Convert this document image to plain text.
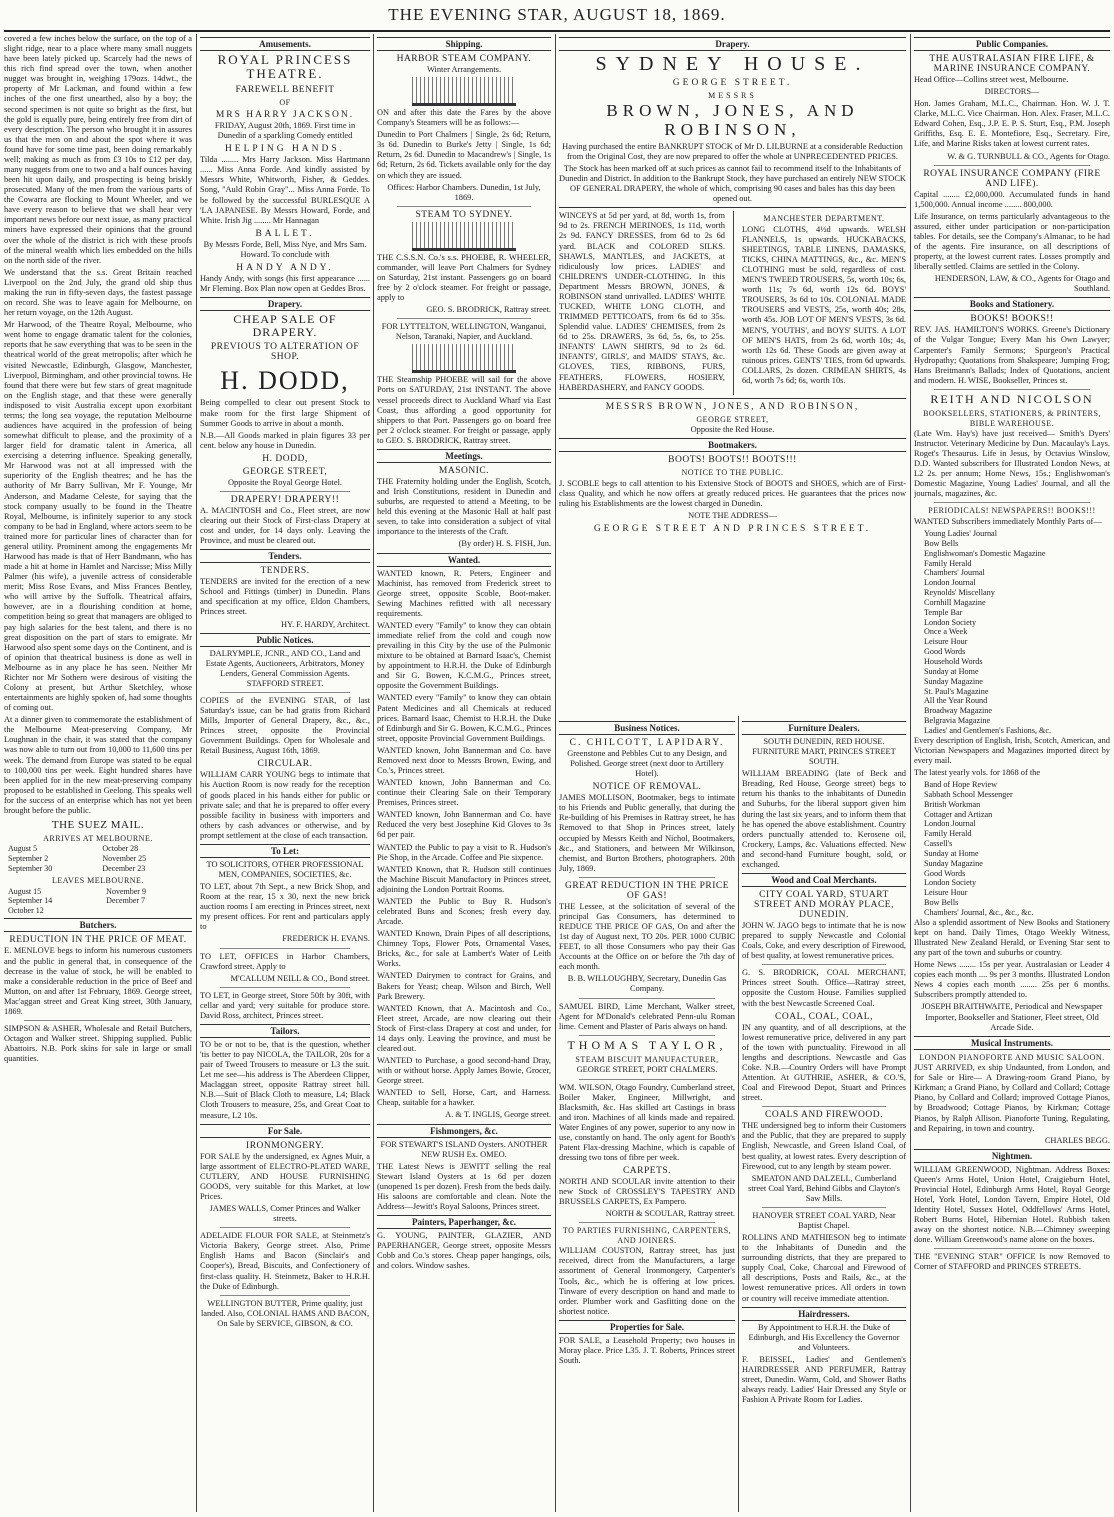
THE EVENING STAR, AUGUST 18, 1869.

covered a few inches below the surface, on the top of a slight ridge, near to a place where many small nuggets have been lately picked up. Scarcely had the news of this rich find spread over the town, when another nugget was brought in, weighing 179ozs. 14dwt., the property of Mr Lackman, and found within a few inches of the one first unearthed, also by a boy; the second specimen is not quite so bright as the first, but the gold is equally pure, being entirely free from dirt of every description. The person who brought it in assures us that the men on and about the spot where it was found have for some time past, been doing remarkably well; making as much as from £3 10s to £12 per day, many nuggets from one to two and a half ounces having been hit upon daily, and prospecting is being briskly prosecuted. Many of the men from the various parts of the Cowarra are flocking to Mount Wheeler, and we have every reason to believe that we shall hear very important news before our next issue, as many practical miners have expressed their opinions that the ground over the whole of the district is rich with these proofs of the mineral wealth which lies embedded on the hills on the north side of the river.

We understand that the s.s. Great Britain reached Liverpool on the 2nd July, the grand old ship thus making the run in fifty-seven days, the fastest passage on record. She was to leave again for Melbourne, on her return voyage, on the 12th August.

Mr Harwood, of the Theatre Royal, Melbourne, who went home to engage dramatic talent for the colonies, reports that he saw everything that was to be seen in the theatrical world of the great metropolis; after which he visited Newcastle, Edinburgh, Glasgow, Manchester, Liverpool, Birmingham, and other provincial towns. He found that there were but few stars of great magnitude on the English stage, and that these were generally indisposed to visit Australia except upon exorbitant terms; the long sea voyage, the reputation Melbourne audiences have acquired in the profession of being somewhat difficult to please, and the proximity of a larger field for dramatic talent in America, all exercising a deterring influence. Speaking generally, Mr Harwood was not at all impressed with the superiority of the English theatres; and he has the authority of Mr Barry Sullivan, Mr F. Younge, Mr Anderson, and Madame Celeste, for saying that the stock company usually to be found in the Theatre Royal, Melbourne, is infinitely superior to any stock company to be had in England, where actors seem to be trained more for particular lines of character than for general utility. Prominent among the engagements Mr Harwood has made is that of Herr Bandmann, who has made a hit at home in Hamlet and Narcisse; Miss Milly Palmer (his wife), a juvenile actress of considerable merit; Miss Rose Evans, and Miss Frances Bentley, who will arrive by the Suffolk. Theatrical affairs, however, are in a flourishing condition at home, competition being so great that managers are obliged to pay high salaries for the best talent, and there is no great disposition on the part of stars to emigrate. Mr Harwood also spent some days on the Continent, and is of opinion that theatrical business is done as well in Melbourne as in any place he has seen. Neither Mr Richter nor Mr Sothern were desirous of visiting the Colony at present, but Arthur Sketchley, whose entertainments are highly spoken of, had some thoughts of coming out.

At a dinner given to commemorate the establishment of the Melbourne Meat-preserving Company, Mr Loughnan in the chair, it was stated that the company was now able to turn out from 10,000 to 11,600 tins per week. The demand from Europe was stated to be equal to 100,000 tins per week. Eight hundred shares have been applied for in the new meat-preserving company proposed to be established in Geelong. This speaks well for the success of an enterprise which has not yet been brought before the public.

THE SUEZ MAIL.
ARRIVES AT MELBOURNE.
August 5	October 28
September 2	November 25
September 30	December 23
LEAVES MELBOURNE.
August 15	November 9
September 14	December 7
October 12	
Butchers.
REDUCTION IN THE PRICE OF MEAT.

E. MENLOVE begs to inform his numerous customers and the public in general that, in consequence of the decrease in the value of stock, he will be enabled to make a considerable reduction in the price of Beef and Mutton, on and after 1st February, 1869. George street, Mac'aggan street and Great King street, 30th January, 1869.

SIMPSON & ASHER, Wholesale and Retail Butchers, Octagon and Walker street. Shipping supplied. Public Abattoirs. N.B. Pork skins for sale in large or small quantities.

Amusements.
ROYAL PRINCESS THEATRE.
FAREWELL BENEFIT
OF
MRS HARRY JACKSON.

FRIDAY, August 20th, 1869. First time in Dunedin of a sparkling Comedy entitled

HELPING HANDS.

Tilda ........ Mrs Harry Jackson. Miss Hartmann ...... Miss Anna Forde. And kindly assisted by Messrs White, Whitworth, Fisher, & Geddes. Song, "Auld Robin Gray"... Miss Anna Forde. To be followed by the successful BURLESQUE A 'LA JAPANESE. By Messrs Howard, Forde, and White. Irish Jig ........ Mr Hannagan

BALLET.

By Messrs Forde, Bell, Miss Nye, and Mrs Sam. Howard. To conclude with

HANDY ANDY.

Handy Andy, with songs (his first appearance ...... Mr Fleming. Box Plan now open at Geddes Bros.

Drapery.
CHEAP SALE OF DRAPERY.
PREVIOUS TO ALTERATION OF SHOP.
H. DODD,

Being compelled to clear out present Stock to make room for the first large Shipment of Summer Goods to arrive in about a month.

N.B.—All Goods marked in plain figures 33 per cent. below any house in Dunedin.

H. DODD,
GEORGE STREET,

Opposite the Royal George Hotel.

DRAPERY! DRAPERY!!

A. MACINTOSH and Co., Fleet street, are now clearing out their Stock of First-class Drapery at cost and under, for 14 days only. Leaving the Province, and must be cleared out.

Tenders.
TENDERS.

TENDERS are invited for the erection of a new School and Fittings (timber) in Dunedin. Plans and specification at my office, Eldon Chambers, Princes street.

HY. F. HARDY, Architect.

Public Notices.

DALRYMPLE, JCNR., AND CO., Land and Estate Agents, Auctioneers, Arbitrators, Money Lenders, General Commission Agents. STAFFORD STREET.

COPIES of the EVENING STAR, of last Saturday's issue, can be had gratis from Richard Mills, Importer of General Drapery, &c., &c., Princes street, opposite the Provincial Government Buildings. Open for Wholesale and Retail Business, August 16th, 1869.

CIRCULAR.

WILLIAM CARR YOUNG begs to intimate that his Auction Room is now ready for the reception of goods placed in his hands either for public or private sale; and that he is prepared to offer every possible facility in business with importers and others by cash advances or otherwise, and by prompt settlement at the close of each transaction.

To Let:

TO SOLICITORS, OTHER PROFESSIONAL MEN, COMPANIES, SOCIETIES, &c.

TO LET, about 7th Sept., a new Brick Shop, and Room at the rear, 15 x 30, next the new brick auction rooms I am erecting in Princes street, next my present offices. For rent and particulars apply to

FREDERICK H. EVANS.

TO LET, OFFICES in Harbor Chambers, Crawford street. Apply to

M'CALLUM NEILL & CO., Bond street.

TO LET, in George street, Store 50ft by 30ft, with cellar and yard; very suitable for produce store. David Ross, architect, Princes street.

Tailors.

TO be or not to be, that is the question, whether 'tis better to pay NICOLA, the TAILOR, 20s for a pair of Tweed Trousers to measure or L3 the suit. Let me see—his address is The Aberdeen Clipper, Maclaggan street, opposite Rattray street hill. N.B.—Suit of Black Cloth to measure, L4; Black Cloth Trousers to measure, 25s, and Great Coat to measure, L2 10s.

For Sale.
IRONMONGERY.

FOR SALE by the undersigned, ex Agnes Muir, a large assortment of ELECTRO-PLATED WARE, CUTLERY, AND HOUSE FURNISHING GOODS, very suitable for this Market, at low Prices.

JAMES WALLS, Corner Princes and Walker streets.

ADELAIDE FLOUR FOR SALE, at Steinmetz's Victoria Bakery, George street. Also, Prime English Hams and Bacon (Sinclair's and Cooper's), Bread, Biscuits, and Confectionery of first-class quality. H. Steinmetz, Baker to H.R.H. the Duke of Edinburgh.

WELLINGTON BUTTER, Prime quality, just landed. Also, COLONIAL HAMS AND BACON, On Sale by SERVICE, GIBSON, & CO.

Shipping.
HARBOR STEAM COMPANY.

Winter Arrangements.

ON and after this date the Fares by the above Company's Steamers will be as follows:—

Dunedin to Port Chalmers | Single, 2s 6d; Return, 3s 6d. Dunedin to Burke's Jetty | Single, 1s 6d; Return, 2s 6d. Dunedin to Macandrew's | Single, 1s 6d; Return, 2s 6d. Tickets available only for the day on which they are issued.

Offices: Harbor Chambers. Dunedin, 1st July, 1869.

STEAM TO SYDNEY.

THE C.S.S.N. Co.'s s.s. PHOEBE, R. WHEELER, commander, will leave Port Chalmers for Sydney on Saturday, 21st instant. Passengers go on board free by 2 o'clock steamer. For freight or passage, apply to

GEO. S. BRODRICK, Rattray street.

FOR LYTTELTON, WELLINGTON, Wanganui, Nelson, Taranaki, Napier, and Auckland.

THE Steamship PHOEBE will sail for the above Ports on SATURDAY, 21st INSTANT. The above vessel proceeds direct to Auckland Wharf via East Coast, thus affording a good opportunity for shippers to that Port. Passengers go on board free per 2 o'clock steamer. For freight or passage, apply to GEO. S. BRODRICK, Rattray street.

Meetings.
MASONIC.

THE Fraternity holding under the English, Scotch, and Irish Constitutions, resident in Dunedin and suburbs, are requested to attend a Meeting, to be held this evening at the Masonic Hall at half past seven, to take into consideration a subject of vital importance to the interests of the Craft.

(By order) H. S. FISH, Jun.

Wanted.

WANTED known, R. Peters, Engineer and Machinist, has removed from Frederick street to George street, opposite Scoble, Boot-maker. Sewing Machines refitted with all necessary requirements.

WANTED every "Family" to know they can obtain immediate relief from the cold and cough now prevailing in this City by the use of the Pulmonic mixture to be obtained at Barnard Isaac's, Chemist by appointment to H.R.H. the Duke of Edinburgh and Sir G. Bowen, K.C.M.G., Princes street, opposite the Government Buildings.

WANTED every "Family" to know they can obtain Patent Medicines and all Chemicals at reduced prices. Barnard Isaac, Chemist to H.R.H. the Duke of Edinburgh and Sir G. Bowen, K.C.M.G., Princes street, opposite Provincial Government Buildings.

WANTED known, John Bannerman and Co. have Removed next door to Messrs Brown, Ewing, and Co.'s, Princes street.

WANTED known, John Bannerman and Co. continue their Clearing Sale on their Temporary Premises, Princes street.

WANTED known, John Bannerman and Co. have Reduced the very best Josephine Kid Gloves to 3s 6d per pair.

WANTED the Public to pay a visit to R. Hudson's Pie Shop, in the Arcade. Coffee and Pie sixpence.

WANTED Known, that R. Hudson still continues the Machine Biscuit Manufactory in Princes street, adjoining the London Portrait Rooms.

WANTED the Public to Buy R. Hudson's celebrated Buns and Scones; fresh every day. Arcade.

WANTED Known, Drain Pipes of all descriptions, Chimney Tops, Flower Pots, Ornamental Vases, Bricks, &c., for sale at Lambert's Water of Leith Works.

WANTED Dairymen to contract for Grains, and Bakers for Yeast; cheap. Wilson and Birch, Well Park Brewery.

WANTED Known, that A. Macintosh and Co., Fleet street, Arcade, are now clearing out their Stock of First-class Drapery at cost and under, for 14 days only. Leaving the province, and must be cleared out.

WANTED to Purchase, a good second-hand Dray, with or without horse. Apply James Bowie, Grocer, George street.

WANTED to Sell, Horse, Cart, and Harness. Cheap, suitable for a hawker.

A. & T. INGLIS, George street.

Fishmongers, &c.

FOR STEWART'S ISLAND Oysters. ANOTHER NEW RUSH Ex. OMEO.

THE Latest News is JEWITT selling the real Stewart Island Oysters at 1s 6d per dozen (unopened 1s per dozen). Fresh from the beds daily. His saloons are comfortable and clean. Note the Address—Jewitt's Royal Saloons, Princes street.

Painters, Paperhanger, &c.

G. YOUNG, PAINTER, GLAZIER, AND PAPERHANGER, George street, opposite Messrs Cobb and Co.'s stores. Cheap paper hangings, oils, and colors. Window sashes.

Drapery.
SYDNEY HOUSE.
GEORGE STREET.
MESSRS
BROWN, JONES, AND ROBINSON,

Having purchased the entire BANKRUPT STOCK of Mr D. LILBURNE at a considerable Reduction from the Original Cost, they are now prepared to offer the whole at UNPRECEDENTED PRICES.

The Stock has been marked off at such prices as cannot fail to recommend itself to the Inhabitants of Dunedin and District. In addition to the Bankrupt Stock, they have purchased an entirely NEW STOCK OF GENERAL DRAPERY, the whole of which, comprising 90 cases and bales has this day been opened out.

WINCEYS at 5d per yard, at 8d, worth 1s, from 9d to 2s. FRENCH MERINOES, 1s 11d, worth 2s 9d. FANCY DRESSES, from 6d to 2s 6d yard. BLACK and COLORED SILKS. SHAWLS, MANTLES, and JACKETS, at ridiculously low prices. LADIES' and CHILDREN'S UNDER-CLOTHING. In this Department Messrs BROWN, JONES, & ROBINSON stand unrivalled. LADIES' WHITE TUCKED, WHITE LONG CLOTH, and TRIMMED PETTICOATS, from 6s 6d to 35s. Splendid value. LADIES' CHEMISES, from 2s 6d to 25s. DRAWERS, 3s 6d, 5s, 6s, to 25s. INFANTS' LAWN SHIRTS, 9d to 2s 6d. INFANTS', GIRLS', and MAIDS' STAYS, &c. GLOVES, TIES, RIBBONS, FURS, FEATHERS, FLOWERS, HOSIERY, HABERDASHERY, and FANCY GOODS.

MANCHESTER DEPARTMENT.

LONG CLOTHS, 4½d upwards. WELSH FLANNELS, 1s upwards. HUCKABACKS, SHEETINGS, TABLE LINENS, DAMASKS, TICKS, CHINA MATTINGS, &c., &c. MEN'S CLOTHING must be sold, regardless of cost. MEN'S TWEED TROUSERS, 5s, worth 10s; 6s, worth 11s; 7s 6d, worth 12s 6d. BOYS' TROUSERS, 3s 6d to 10s. COLONIAL MADE TROUSERS and VESTS, 25s, worth 40s; 28s, worth 45s. JOB LOT OF MEN'S VESTS, 3s 6d. MEN'S, YOUTHS', and BOYS' SUITS. A LOT OF MEN'S HATS, from 2s 6d, worth 10s; 4s, worth 12s 6d. These Goods are given away at ruinous prices. GENTS' TIES, from 6d upwards. COLLARS, 2s dozen. CRIMEAN SHIRTS, 4s 6d, worth 7s 6d; 6s, worth 10s.

MESSRS BROWN, JONES, AND ROBINSON,
GEORGE STREET,

Opposite the Red House.

Bootmakers.
BOOTS! BOOTS!! BOOTS!!!
NOTICE TO THE PUBLIC.

J. SCOBLE begs to call attention to his Extensive Stock of BOOTS and SHOES, which are of First-class Quality, and which he now offers at greatly reduced prices. He guarantees that the prices now ruling his Establishments are the lowest charged in Dunedin.

NOTE THE ADDRESS—

GEORGE STREET AND PRINCES STREET.
Business Notices.
C. CHILCOTT, LAPIDARY.

Greenstone and Pebbles Cut to any Design, and Polished. George street (next door to Artillery Hotel).

NOTICE OF REMOVAL.

JAMES MOLLISON, Bootmaker, begs to intimate to his Friends and Public generally, that during the Re-building of his Premises in Rattray street, he has Removed to that Shop in Princes street, lately occupied by Messrs Keith and Nichol, Bootmakers, &c., and Stationers, and between Mr Wilkinson, chemist, and Burton Brothers, photographers. 20th July, 1869.

GREAT REDUCTION IN THE PRICE OF GAS!

THE Lessee, at the solicitation of several of the principal Gas Consumers, has determined to REDUCE THE PRICE OF GAS, On and after the 1st day of August next, TO 20s. PER 1000 CUBIC FEET, to all those Consumers who pay their Gas Accounts at the Office on or before the 7th day of each month.

B. B. WILLOUGHBY, Secretary, Dunedin Gas Company.

SAMUEL BIRD, Lime Merchant, Walker street, Agent for M'Donald's celebrated Penn-ulu Roman lime. Cement and Plaster of Paris always on hand.

THOMAS TAYLOR,
STEAM BISCUIT MANUFACTURER,

GEORGE STREET, PORT CHALMERS.

WM. WILSON, Otago Foundry, Cumberland street, Boiler Maker, Engineer, Millwright, and Blacksmith, &c. Has skilled art Castings in brass and iron. Machines of all kinds made and repaired. Water Engines of any power, superior to any now in use, constantly on hand. The only agent for Booth's Patent Flax-dressing Machine, which is capable of dressing two tons of fibre per week.

CARPETS.

NORTH AND SCOULAR invite attention to their new Stock of CROSSLEY'S TAPESTRY AND BRUSSELS CARPETS, Ex Pampero.

NORTH & SCOULAR, Rattray street.

TO PARTIES FURNISHING, CARPENTERS, AND JOINERS.

WILLIAM COUSTON, Rattray street, has just received, direct from the Manufacturers, a large assortment of General Ironmongery, Carpenter's Tools, &c., which he is offering at low prices. Tinware of every description on hand and made to order. Plumber work and Gasfitting done on the shortest notice.

Properties for Sale.

FOR SALE, a Leasehold Property; two houses in Moray place. Price L35. J. T. Roberts, Princes street South.

Furniture Dealers.

SOUTH DUNEDIN, RED HOUSE. FURNITURE MART, PRINCES STREET SOUTH.

WILLIAM BREADING (late of Beck and Breading, Red House, George street) begs to return his thanks to the inhabitants of Dunedin and Suburbs, for the liberal support given him during the last six years, and to inform them that he has opened the above establishment. Country orders punctually attended to. Kerosene oil, Crockery, Lamps, &c. Valuations effected. New and second-hand Furniture bought, sold, or exchanged.

Wood and Coal Merchants.
CITY COAL YARD, STUART STREET AND MORAY PLACE, DUNEDIN.

JOHN W. JAGO begs to intimate that he is now prepared to supply Newcastle and Colonial Coals, Coke, and every description of Firewood, of best quality, at lowest remunerative prices.

G. S. BRODRICK, COAL MERCHANT, Princes street South. Office—Rattray street, opposite the Custom House. Families supplied with the best Newcastle Screened Coal.

COAL, COAL, COAL,

IN any quantity, and of all descriptions, at the lowest remunerative price, delivered in any part of the town with punctuality. Firewood in all lengths and descriptions. Newcastle and Gas Coke. N.B.—Country Orders will have Prompt Attention. At GUTHRIE, ASHER, & CO.'S, Coal and Firewood Depot, Stuart and Princes street.

COALS AND FIREWOOD.

THE undersigned beg to inform their Customers and the Public, that they are prepared to supply English, Newcastle, and Green Island Coal, of best quality, at lowest rates. Every description of Firewood, cut to any length by steam power.

SMEATON AND DALZELL, Cumberland street Coal Yard, Behind Gibbs and Clayton's Saw Mills.

HANOVER STREET COAL YARD, Near Baptist Chapel.

ROLLINS AND MATHIESON beg to intimate to the Inhabitants of Dunedin and the surrounding districts, that they are prepared to supply Coal, Coke, Charcoal and Firewood of all descriptions, Posts and Rails, &c., at the lowest remunerative prices. All orders in town or country will receive immediate attention.

Hairdressers.

By Appointment to H.R.H. the Duke of Edinburgh, and His Excellency the Governor and Volunteers.

F. BEISSEL, Ladies' and Gentlemen's HAIRDRESSER AND PERFUMER, Rattray street, Dunedin. Warm, Cold, and Shower Baths always ready. Ladies' Hair Dressed any Style or Fashion A Private Room for Ladies.

Public Companies.
THE AUSTRALASIAN FIRE LIFE, & MARINE INSURANCE COMPANY.

Head Office—Collins street west, Melbourne.

DIRECTORS—

Hon. James Graham, M.L.C., Chairman. Hon. W. J. T. Clarke, M.L.C. Vice Chairman. Hon. Alex. Fraser, M.L.C. Edward Cohen, Esq., J.P. E. P. S. Sturt, Esq., P.M. Joseph Griffiths, Esq. E. E. Montefiore, Esq., Secretary. Fire, Life, and Marine Risks taken at lowest current rates.

W. & G. TURNBULL & CO., Agents for Otago.

ROYAL INSURANCE COMPANY (FIRE AND LIFE).

Capital ........ £2,000,000. Accumulated funds in hand 1,500,000. Annual income ........ 800,000.

Life Insurance, on terms particularly advantageous to the assured, either under participation or non-participation tables. For details, see the Company's Almanac, to be had of the agents. Fire insurance, on all descriptions of property, at the lowest current rates. Losses promptly and liberally settled. Claims are settled in the Colony.

HENDERSON, LAW, & CO., Agents for Otago and Southland.

Books and Stationery.
BOOKS! BOOKS!!

REV. JAS. HAMILTON'S WORKS. Greene's Dictionary of the Vulgar Tongue; Every Man his Own Lawyer; Carpenter's Family Sermons; Spurgeon's Practical Hydropathy; Quotations from Shakspeare; Jumping Frog; Hans Breitmann's Ballads; Index of Quotations, ancient and modern. H. WISE, Bookseller, Princes st.

REITH AND NICOLSON
BOOKSELLERS, STATIONERS, & PRINTERS, BIBLE WAREHOUSE.

(Late Wm. Hay's) have just received— Smith's Dyers' Instructor. Veterinary Medicine by Dun. Macaulay's Lays. Roget's Thesaurus. Life in Jesus, by Octavius Winslow, D.D. Wanted subscribers for Illustrated London News, at L2 2s. per annum; Home News, 15s.; Englishwoman's Domestic Magazine, Young Ladies' Journal, and all the journals, magazines, &c.

PERIODICALS! NEWSPAPERS!! BOOKS!!!

WANTED Subscribers immediately Monthly Parts of—

Young Ladies' Journal
Bow Bells
Englishwoman's Domestic Magazine
Family Herald
Chambers' Journal
London Journal
Reynolds' Miscellany
Cornhill Magazine
Temple Bar
London Society
Once a Week
Leisure Hour
Good Words
Household Words
Sunday at Home
Sunday Magazine
St. Paul's Magazine
All the Year Round
Broadway Magazine
Belgravia Magazine
Ladies' and Gentlemen's Fashions, &c.

Every description of English, Irish, Scotch, American, and Victorian Newspapers and Magazines imported direct by every mail.

The latest yearly vols. for 1868 of the

Band of Hope Review
Sabbath School Messenger
British Workman
Cottager and Artizan
London Journal
Family Herald
Cassell's
Sunday at Home
Sunday Magazine
Good Words
London Society
Leisure Hour
Bow Bells
Chambers' Journal, &c., &c., &c.

Also a splendid assortment of New Books and Stationery kept on hand. Daily Times, Otago Weekly Witness, Illustrated New Zealand Herald, or Evening Star sent to any part of the town and suburbs or country.

Home News ........ 15s per year. Australasian or Leader 4 copies each month .... 9s per 3 months. Illustrated London News 4 copies each month ........ 25s per 6 months. Subscribers promptly attended to.

JOSEPH BRAITHWAITE, Periodical and Newspaper Importer, Bookseller and Stationer, Fleet street, Old Arcade Side.

Musical Instruments.
LONDON PIANOFORTE AND MUSIC SALOON.

JUST ARRIVED, ex ship Undaunted, from London, and for Sale or Hire— A Drawing-room Grand Piano, by Kirkman; a Grand Piano, by Collard and Collard; Cottage Piano, by Collard and Collard; improved Cottage Pianos, by Broadwood; Cottage Pianos, by Kirkman; Cottage Pianos, by Ralph Allison. Pianoforte Tuning, Regulating, and Repairing, in town and country.

CHARLES BEGG.

Nightmen.

WILLIAM GREENWOOD, Nightman. Address Boxes: Queen's Arms Hotel, Union Hotel, Craigieburn Hotel, Provincial Hotel, Edinburgh Arms Hotel, Royal George Hotel, York Hotel, London Tavern, Empire Hotel, Old Identity Hotel, Sussex Hotel, Oddfellows' Arms Hotel, Robert Burns Hotel, Hibernian Hotel. Rubbish taken away on the shortest notice. N.B.—Chimney sweeping done. William Greenwood's name alone on the boxes.

THE "EVENING STAR" OFFICE Is now Removed to Corner of STAFFORD and PRINCES STREETS.
